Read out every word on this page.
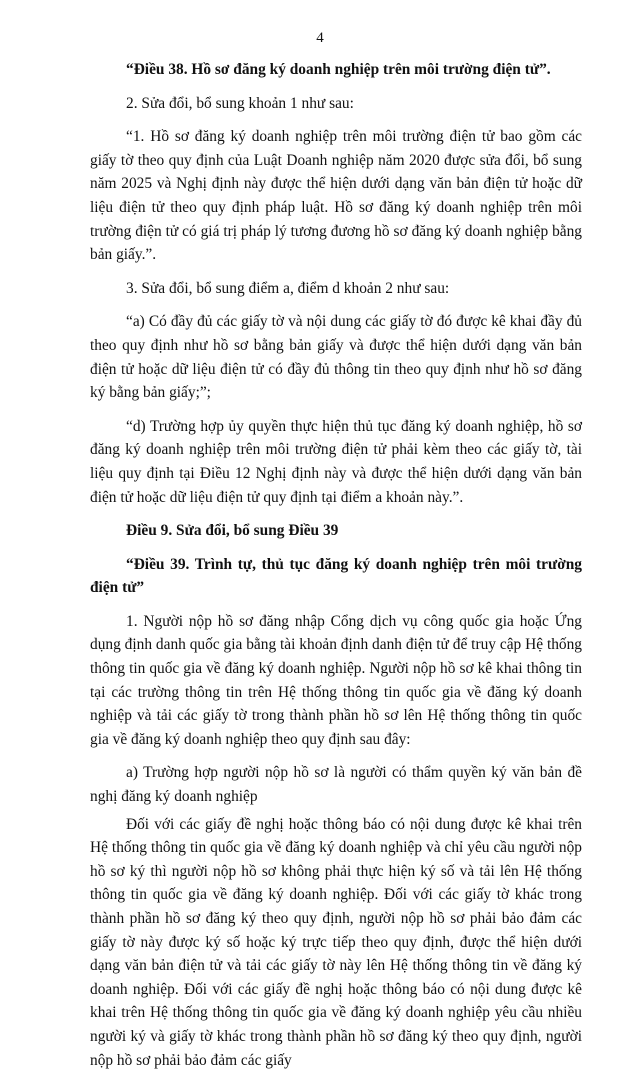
4

“Điều 38. Hồ sơ đăng ký doanh nghiệp trên môi trường điện tử”.

2. Sửa đổi, bổ sung khoản 1 như sau:

“1. Hồ sơ đăng ký doanh nghiệp trên môi trường điện tử bao gồm các giấy tờ theo quy định của Luật Doanh nghiệp năm 2020 được sửa đổi, bổ sung năm 2025 và Nghị định này được thể hiện dưới dạng văn bản điện tử hoặc dữ liệu điện tử theo quy định pháp luật. Hồ sơ đăng ký doanh nghiệp trên môi trường điện tử có giá trị pháp lý tương đương hồ sơ đăng ký doanh nghiệp bằng bản giấy.”.

3. Sửa đổi, bổ sung điểm a, điểm d khoản 2 như sau:

“a) Có đầy đủ các giấy tờ và nội dung các giấy tờ đó được kê khai đầy đủ theo quy định như hồ sơ bằng bản giấy và được thể hiện dưới dạng văn bản điện tử hoặc dữ liệu điện tử có đầy đủ thông tin theo quy định như hồ sơ đăng ký bằng bản giấy;”;

“d) Trường hợp ủy quyền thực hiện thủ tục đăng ký doanh nghiệp, hồ sơ đăng ký doanh nghiệp trên môi trường điện tử phải kèm theo các giấy tờ, tài liệu quy định tại Điều 12 Nghị định này và được thể hiện dưới dạng văn bản điện tử hoặc dữ liệu điện tử quy định tại điểm a khoản này.”.

Điều 9. Sửa đổi, bổ sung Điều 39

“Điều 39. Trình tự, thủ tục đăng ký doanh nghiệp trên môi trường điện tử”

1. Người nộp hồ sơ đăng nhập Cổng dịch vụ công quốc gia hoặc Ứng dụng định danh quốc gia bằng tài khoản định danh điện tử để truy cập Hệ thống thông tin quốc gia về đăng ký doanh nghiệp. Người nộp hồ sơ kê khai thông tin tại các trường thông tin trên Hệ thống thông tin quốc gia về đăng ký doanh nghiệp và tải các giấy tờ trong thành phần hồ sơ lên Hệ thống thông tin quốc gia về đăng ký doanh nghiệp theo quy định sau đây:

a) Trường hợp người nộp hồ sơ là người có thẩm quyền ký văn bản đề nghị đăng ký doanh nghiệp

Đối với các giấy đề nghị hoặc thông báo có nội dung được kê khai trên Hệ thống thông tin quốc gia về đăng ký doanh nghiệp và chỉ yêu cầu người nộp hồ sơ ký thì người nộp hồ sơ không phải thực hiện ký số và tải lên Hệ thống thông tin quốc gia về đăng ký doanh nghiệp. Đối với các giấy tờ khác trong thành phần hồ sơ đăng ký theo quy định, người nộp hồ sơ phải bảo đảm các giấy tờ này được ký số hoặc ký trực tiếp theo quy định, được thể hiện dưới dạng văn bản điện tử và tải các giấy tờ này lên Hệ thống thông tin về đăng ký doanh nghiệp. Đối với các giấy đề nghị hoặc thông báo có nội dung được kê khai trên Hệ thống thông tin quốc gia về đăng ký doanh nghiệp yêu cầu nhiều người ký và giấy tờ khác trong thành phần hồ sơ đăng ký theo quy định, người nộp hồ sơ phải bảo đảm các giấy
